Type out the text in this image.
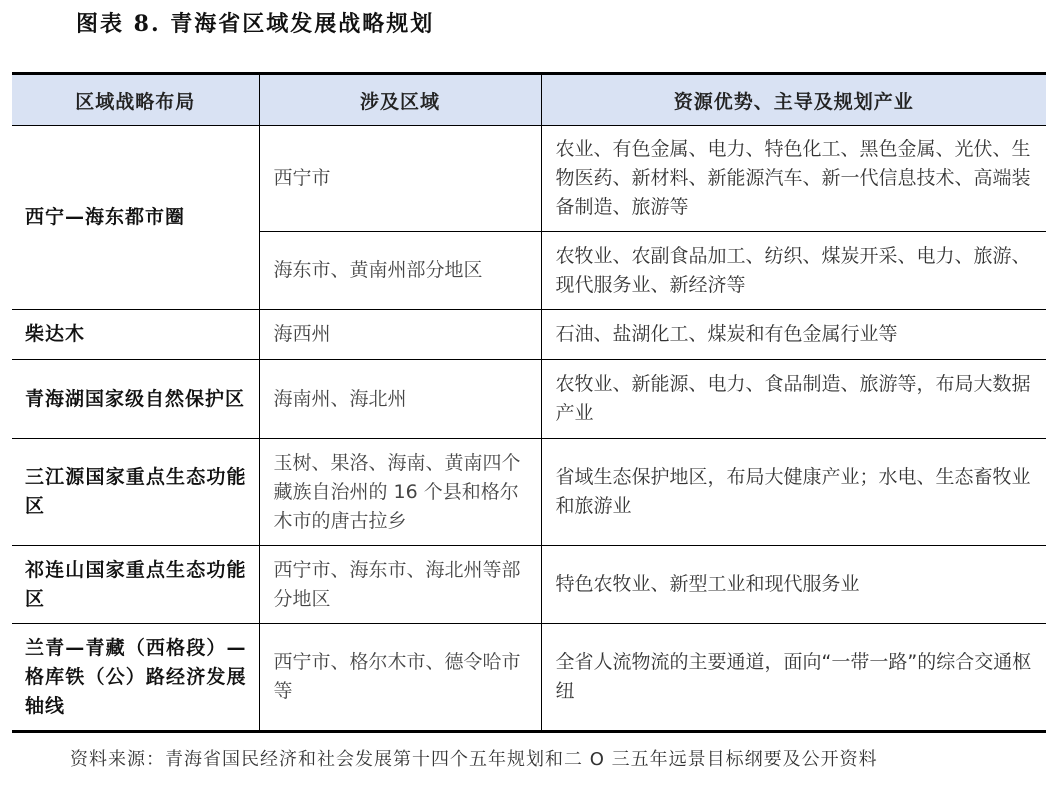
图表 8. 青海省区域发展战略规划
区域战略布局	涉及区域	资源优势、主导及规划产业
西宁—海东都市圈	西宁市	农业、有色金属、电力、特色化工、黑色金属、光伏、生物医药、新材料、新能源汽车、新一代信息技术、高端装备制造、旅游等
	海东市、黄南州部分地区	农牧业、农副食品加工、纺织、煤炭开采、电力、旅游、现代服务业、新经济等
柴达木	海西州	石油、盐湖化工、煤炭和有色金属行业等
青海湖国家级自然保护区	海南州、海北州	农牧业、新能源、电力、食品制造、旅游等，布局大数据产业
三江源国家重点生态功能区	玉树、果洛、海南、黄南四个藏族自治州的 16 个县和格尔木市的唐古拉乡	省域生态保护地区，布局大健康产业；水电、生态畜牧业和旅游业
祁连山国家重点生态功能区	西宁市、海东市、海北州等部分地区	特色农牧业、新型工业和现代服务业
兰青—青藏（西格段）—格库铁（公）路经济发展轴线	西宁市、格尔木市、德令哈市等	全省人流物流的主要通道，面向“一带一路”的综合交通枢纽
资料来源：青海省国民经济和社会发展第十四个五年规划和二 O 三五年远景目标纲要及公开资料
